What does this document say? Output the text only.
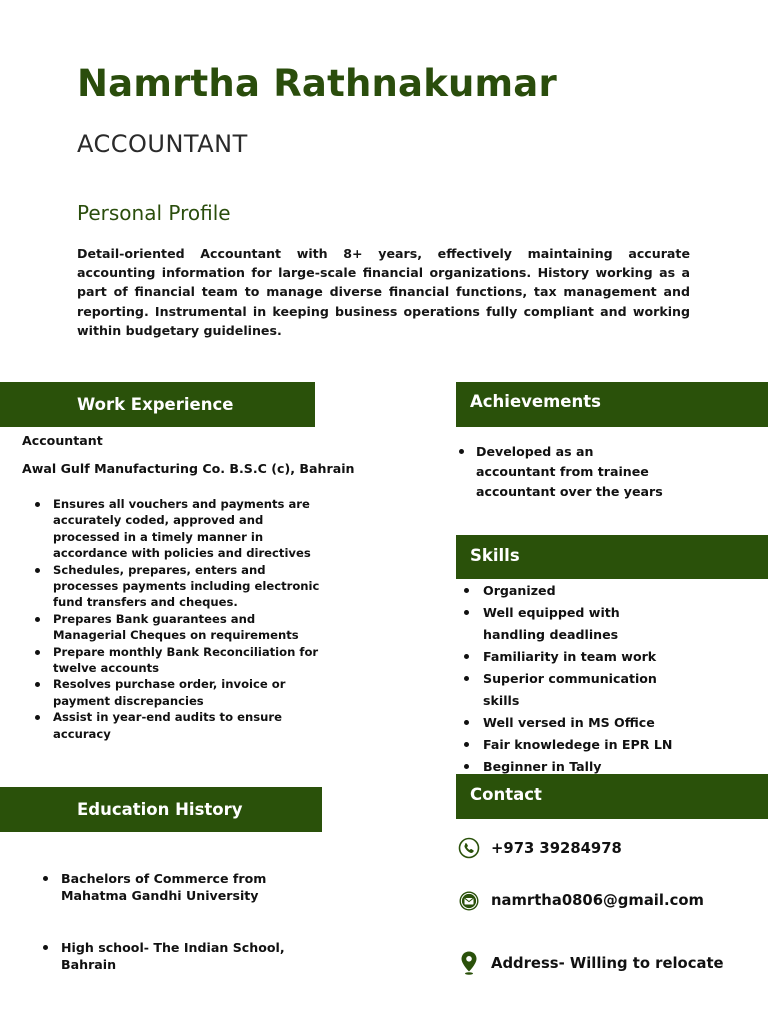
Namrtha Rathnakumar
ACCOUNTANT
Personal Profile
Detail-oriented Accountant with 8+ years, effectively maintaining accurate accounting information for large-scale financial organizations. History working as a part of financial team to manage diverse financial functions, tax management and reporting. Instrumental in keeping business operations fully compliant and working within budgetary guidelines.
Work Experience
Accountant
Awal Gulf Manufacturing Co. B.S.C (c), Bahrain
Ensures all vouchers and payments are accurately coded, approved and processed in a timely manner in accordance with policies and directives
Schedules, prepares, enters and processes payments including electronic fund transfers and cheques.
Prepares Bank guarantees and Managerial Cheques on requirements
Prepare monthly Bank Reconciliation for twelve accounts
Resolves purchase order, invoice or payment discrepancies
Assist in year-end audits to ensure accuracy
Achievements
Developed as an accountant from trainee accountant over the years
Skills
Organized
Well equipped with handling deadlines
Familiarity in team work
Superior communication skills
Well versed in MS Office
Fair knowledege in EPR LN
Beginner in Tally
Education History
Bachelors of Commerce from Mahatma Gandhi University
High school- The Indian School, Bahrain
Contact
+973 39284978
namrtha0806@gmail.com
Address- Willing to relocate
